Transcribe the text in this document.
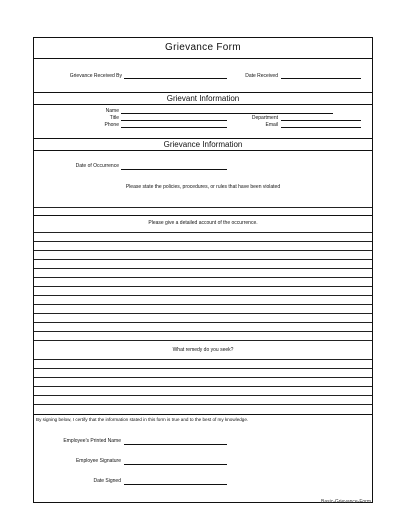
Grievance Form
Grievance Received By	Date Received
Grievant Information
Name
Title	Department
Phone	Email
Grievance Information
Date of Occurrence
Please state the policies, procedures, or rules that have been violated
Please give a detailed account of the occurrence.
What remedy do you seek?
By signing below, I certify that the information stated in this form is true and to the best of my knowledge.
Employee's Printed Name
Employee Signature
Date Signed
Basic-Grievance-Form
